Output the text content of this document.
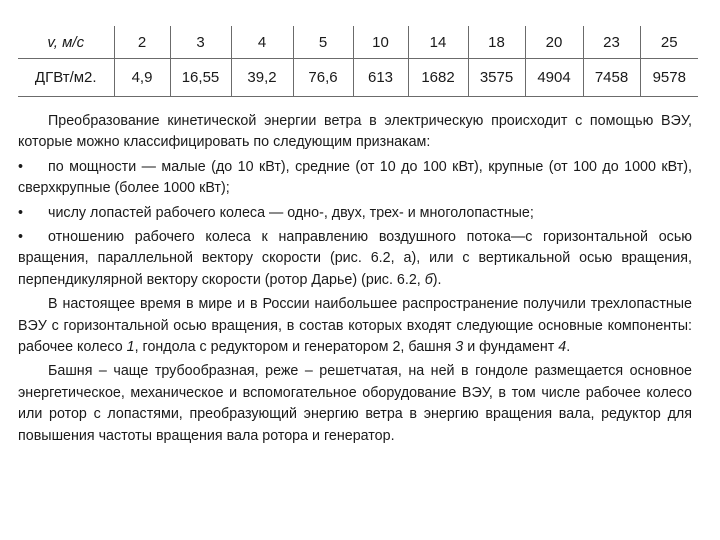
v, м/с	2	3	4	5	10	14	18	20	23	25
ДГВт/м2.	4,9	16,55	39,2	76,6	613	1682	3575	4904	7458	9578

Преобразование кинетической энергии ветра в электрическую происходит с помощью ВЭУ, которые можно классифицировать по следующим признакам:

• по мощности — малые (до 10 кВт), средние (от 10 до 100 кВт), крупные (от 100 до 1000 кВт), сверхкрупные (более 1000 кВт);

• числу лопастей рабочего колеса — одно-, двух, трех- и многолопастные;

• отношению рабочего колеса к направлению воздушного потока—с горизонтальной осью вращения, параллельной вектору скорости (рис. 6.2, а), или с вертикальной осью вращения, перпендикулярной вектору скорости (ротор Дарье) (рис. 6.2, б).

В настоящее время в мире и в России наибольшее распространение получили трехлопастные ВЭУ с горизонтальной осью вращения, в состав которых входят следующие основные компоненты: рабочее колесо 1, гондола с редуктором и генератором 2, башня 3 и фундамент 4.

Башня – чаще трубообразная, реже – решетчатая, на ней в гондоле размещается основное энергетическое, механическое и вспомогательное оборудование ВЭУ, в том числе рабочее колесо или ротор с лопастями, преобразующий энергию ветра в энергию вращения вала, редуктор для повышения частоты вращения вала ротора и генератор.
